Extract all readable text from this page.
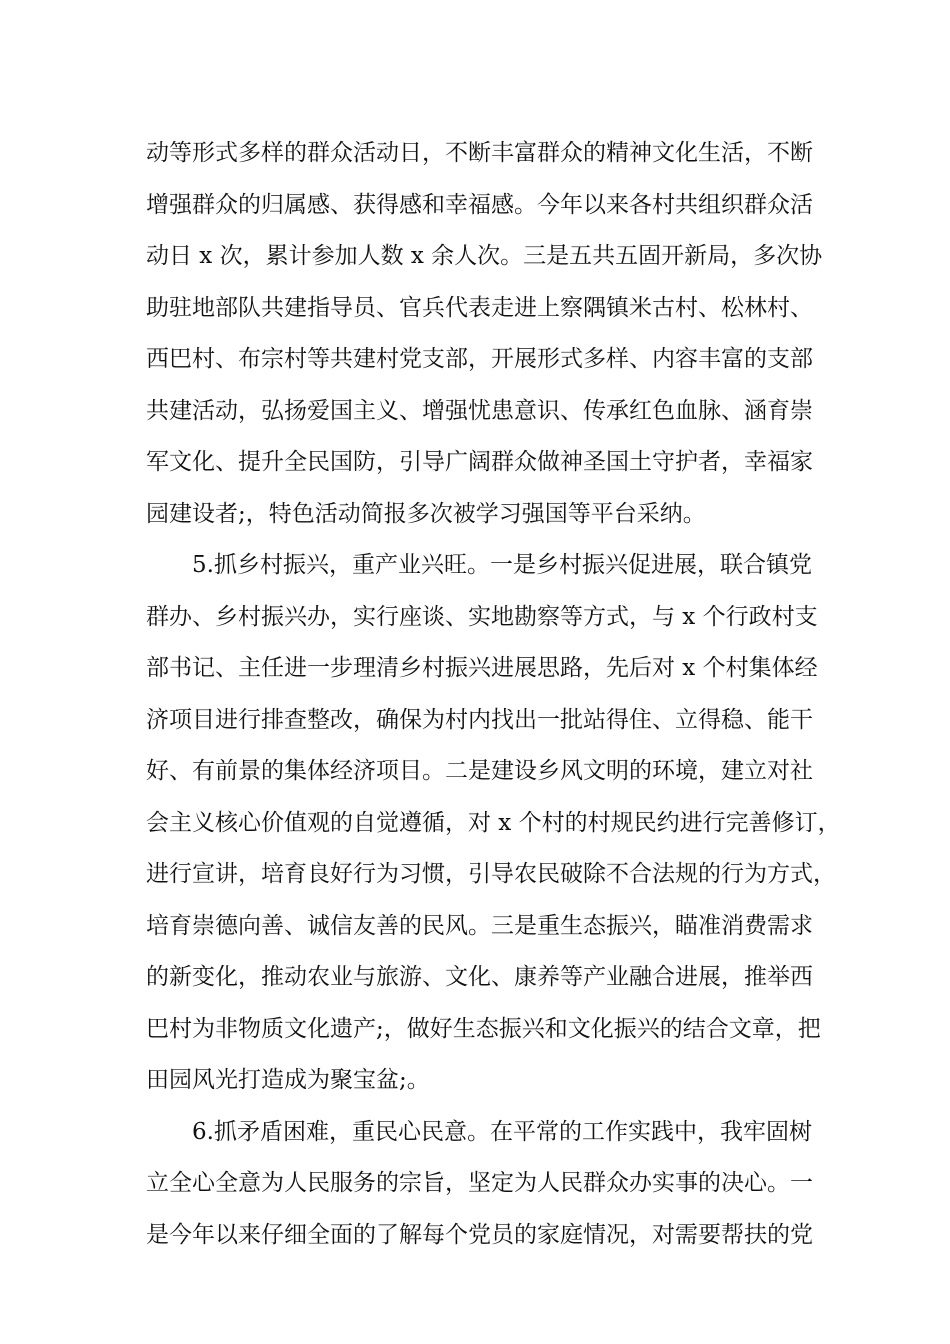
动等形式多样的群众活动日，不断丰富群众的精神文化生活，不断
增强群众的归属感、获得感和幸福感。今年以来各村共组织群众活
动日 x 次，累计参加人数 x 余人次。三是五共五固开新局，多次协
助驻地部队共建指导员、官兵代表走进上察隅镇米古村、松林村、
西巴村、布宗村等共建村党支部，开展形式多样、内容丰富的支部
共建活动，弘扬爱国主义、增强忧患意识、传承红色血脉、涵育崇
军文化、提升全民国防，引导广阔群众做神圣国土守护者，幸福家
园建设者;，特色活动简报多次被学习强国等平台采纳。
5.抓乡村振兴，重产业兴旺。一是乡村振兴促进展，联合镇党
群办、乡村振兴办，实行座谈、实地勘察等方式，与 x 个行政村支
部书记、主任进一步理清乡村振兴进展思路，先后对 x 个村集体经
济项目进行排查整改，确保为村内找出一批站得住、立得稳、能干
好、有前景的集体经济项目。二是建设乡风文明的环境，建立对社
会主义核心价值观的自觉遵循，对 x 个村的村规民约进行完善修订，
进行宣讲，培育良好行为习惯，引导农民破除不合法规的行为方式，
培育崇德向善、诚信友善的民风。三是重生态振兴，瞄准消费需求
的新变化，推动农业与旅游、文化、康养等产业融合进展，推举西
巴村为非物质文化遗产;，做好生态振兴和文化振兴的结合文章，把
田园风光打造成为聚宝盆;。
6.抓矛盾困难，重民心民意。在平常的工作实践中，我牢固树
立全心全意为人民服务的宗旨，坚定为人民群众办实事的决心。一
是今年以来仔细全面的了解每个党员的家庭情况，对需要帮扶的党
